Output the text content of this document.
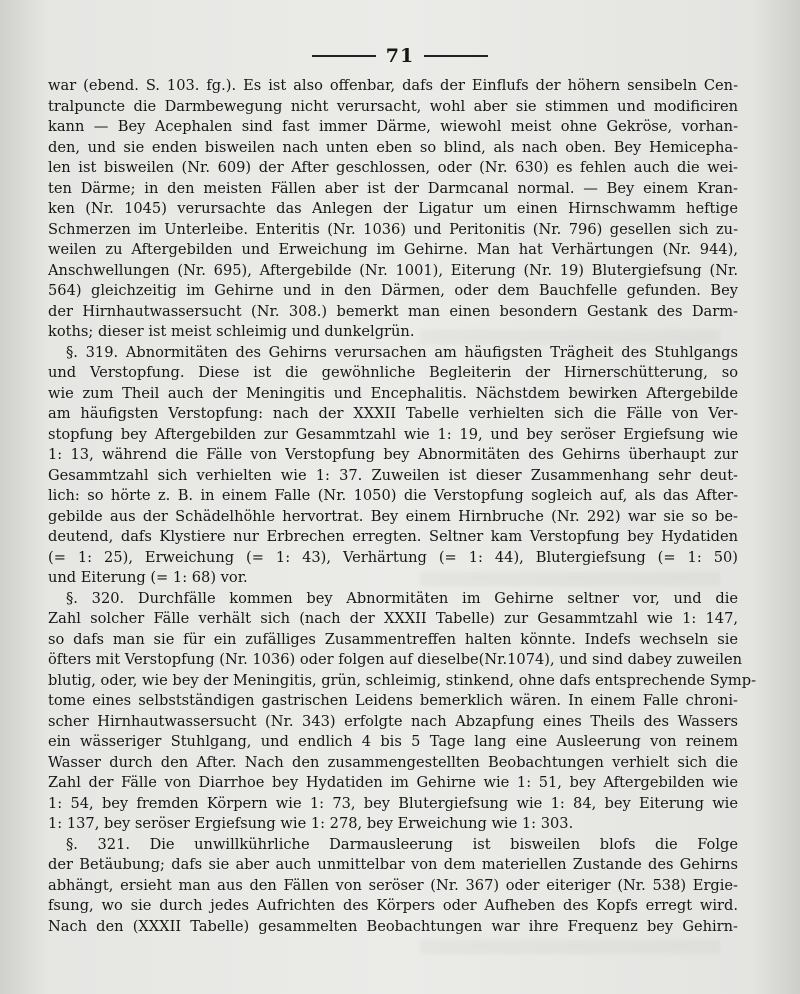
71
war (ebend. S. 103. fg.). Es ist also offenbar, dafs der Einflufs der höhern sensibeln Cen-
tralpuncte die Darmbewegung nicht verursacht, wohl aber sie stimmen und modificiren
kann — Bey Acephalen sind fast immer Därme, wiewohl meist ohne Gekröse, vorhan-
den, und sie enden bisweilen nach unten eben so blind, als nach oben. Bey Hemicepha-
len ist bisweilen (Nr. 609) der After geschlossen, oder (Nr. 630) es fehlen auch die wei-
ten Därme; in den meisten Fällen aber ist der Darmcanal normal. — Bey einem Kran-
ken (Nr. 1045) verursachte das Anlegen der Ligatur um einen Hirnschwamm heftige
Schmerzen im Unterleibe. Enteritis (Nr. 1036) und Peritonitis (Nr. 796) gesellen sich zu-
weilen zu Aftergebilden und Erweichung im Gehirne. Man hat Verhärtungen (Nr. 944),
Anschwellungen (Nr. 695), Aftergebilde (Nr. 1001), Eiterung (Nr. 19) Blutergiefsung (Nr.
564) gleichzeitig im Gehirne und in den Därmen, oder dem Bauchfelle gefunden. Bey
der Hirnhautwassersucht (Nr. 308.) bemerkt man einen besondern Gestank des Darm-
koths; dieser ist meist schleimig und dunkelgrün.
§. 319. Abnormitäten des Gehirns verursachen am häufigsten Trägheit des Stuhlgangs
und Verstopfung. Diese ist die gewöhnliche Begleiterin der Hirnerschütterung, so
wie zum Theil auch der Meningitis und Encephalitis. Nächstdem bewirken Aftergebilde
am häufigsten Verstopfung: nach der XXXII Tabelle verhielten sich die Fälle von Ver-
stopfung bey Aftergebilden zur Gesammtzahl wie 1: 19, und bey seröser Ergiefsung wie
1: 13, während die Fälle von Verstopfung bey Abnormitäten des Gehirns überhaupt zur
Gesammtzahl sich verhielten wie 1: 37. Zuweilen ist dieser Zusammenhang sehr deut-
lich: so hörte z. B. in einem Falle (Nr. 1050) die Verstopfung sogleich auf, als das After-
gebilde aus der Schädelhöhle hervortrat. Bey einem Hirnbruche (Nr. 292) war sie so be-
deutend, dafs Klystiere nur Erbrechen erregten. Seltner kam Verstopfung bey Hydatiden
(= 1: 25), Erweichung (= 1: 43), Verhärtung (= 1: 44), Blutergiefsung (= 1: 50)
und Eiterung (= 1: 68) vor.
§. 320. Durchfälle kommen bey Abnormitäten im Gehirne seltner vor, und die
Zahl solcher Fälle verhält sich (nach der XXXII Tabelle) zur Gesammtzahl wie 1: 147,
so dafs man sie für ein zufälliges Zusammentreffen halten könnte. Indefs wechseln sie
öfters mit Verstopfung (Nr. 1036) oder folgen auf dieselbe(Nr.1074), und sind dabey zuweilen
blutig, oder, wie bey der Meningitis, grün, schleimig, stinkend, ohne dafs entsprechende Symp-
tome eines selbstständigen gastrischen Leidens bemerklich wären. In einem Falle chroni-
scher Hirnhautwassersucht (Nr. 343) erfolgte nach Abzapfung eines Theils des Wassers
ein wässeriger Stuhlgang, und endlich 4 bis 5 Tage lang eine Ausleerung von reinem
Wasser durch den After. Nach den zusammengestellten Beobachtungen verhielt sich die
Zahl der Fälle von Diarrhoe bey Hydatiden im Gehirne wie 1: 51, bey Aftergebilden wie
1: 54, bey fremden Körpern wie 1: 73, bey Blutergiefsung wie 1: 84, bey Eiterung wie
1: 137, bey seröser Ergiefsung wie 1: 278, bey Erweichung wie 1: 303.
§. 321. Die unwillkührliche Darmausleerung ist bisweilen blofs die Folge
der Betäubung; dafs sie aber auch unmittelbar von dem materiellen Zustande des Gehirns
abhängt, ersieht man aus den Fällen von seröser (Nr. 367) oder eiteriger (Nr. 538) Ergie-
fsung, wo sie durch jedes Aufrichten des Körpers oder Aufheben des Kopfs erregt wird.
Nach den (XXXII Tabelle) gesammelten Beobachtungen war ihre Frequenz bey Gehirn-
